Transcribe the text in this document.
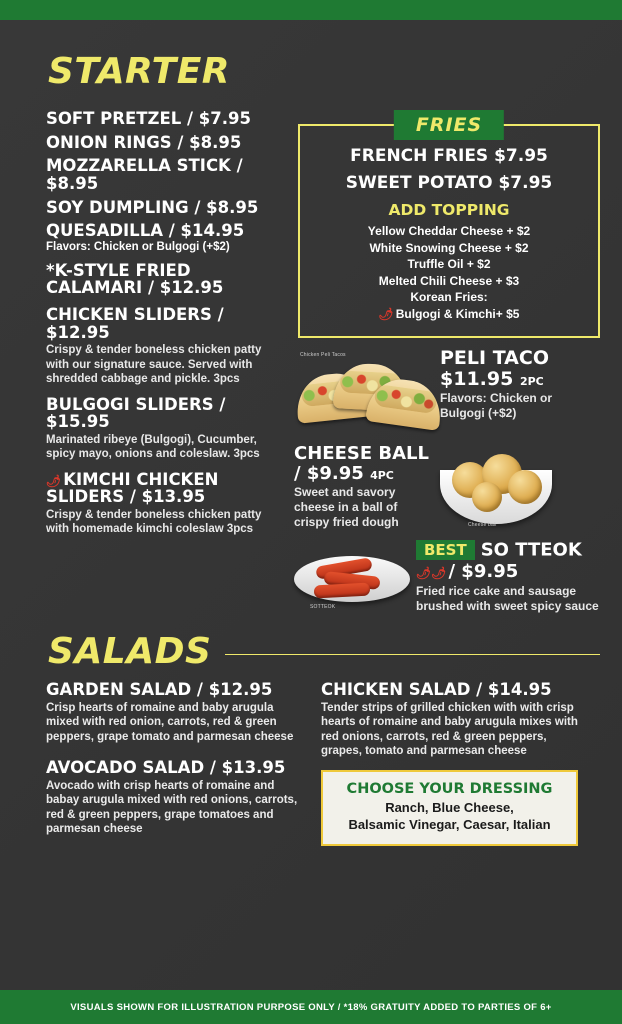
STARTER
SOFT PRETZEL / $7.95
ONION RINGS / $8.95
MOZZARELLA STICK / $8.95
SOY DUMPLING / $8.95
QUESADILLA / $14.95
Flavors: Chicken or Bulgogi (+$2)
*K-STYLE FRIED CALAMARI / $12.95
CHICKEN SLIDERS / $12.95
Crispy & tender boneless chicken patty with our signature sauce. Served with shredded cabbage and pickle. 3pcs
BULGOGI SLIDERS / $15.95
Marinated ribeye (Bulgogi), Cucumber, spicy mayo, onions and coleslaw. 3pcs
🌶 KIMCHI CHICKEN SLIDERS / $13.95
Crispy & tender boneless chicken patty with homemade kimchi coleslaw 3pcs
FRIES
FRENCH FRIES $7.95
SWEET POTATO $7.95
ADD TOPPING
Yellow Cheddar Cheese + $2
White Snowing Cheese + $2
Truffle Oil + $2
Melted Chili Cheese + $3
Korean Fries:
🌶 Bulgogi & Kimchi+ $5
Chicken Peli Tacos	PELI TACO
$11.95 2PC
Flavors: Chicken or Bulgogi (+$2)
CHEESE BALL
/ $9.95 4PC
Sweet and savory cheese in a ball of crispy fried dough	Cheese ball
SOTTEOK
BEST SO TTEOK
🌶🌶 / $9.95
Fried rice cake and sausage brushed with sweet spicy sauce
SALADS
GARDEN SALAD / $12.95
Crisp hearts of romaine and baby arugula mixed with red onion, carrots, red & green peppers, grape tomato and parmesan cheese
AVOCADO SALAD / $13.95
Avocado with crisp hearts of romaine and babay arugula mixed with red onions, carrots, red & green peppers, grape tomatoes and parmesan cheese
CHICKEN SALAD / $14.95
Tender strips of grilled chicken with with crisp hearts of romaine and baby arugula mixes with red onions, carrots, red & green peppers, grapes, tomato and parmesan cheese
CHOOSE YOUR DRESSING
Ranch, Blue Cheese,
Balsamic Vinegar, Caesar, Italian
VISUALS SHOWN FOR ILLUSTRATION PURPOSE ONLY / *18% GRATUITY ADDED TO PARTIES OF 6+
